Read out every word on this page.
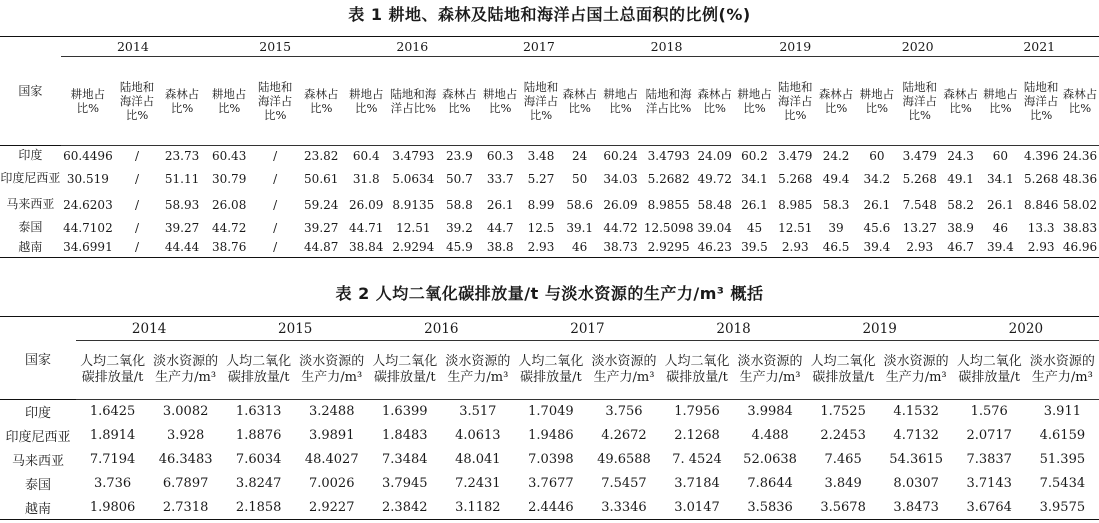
表 1 耕地、森林及陆地和海洋占国土总面积的比例(%)
国家	2014			2015			2016			2017			2018			2019			2020			2021		
	耕地占比%	陆地和海洋占比%	森林占比%	耕地占比%	陆地和海洋占比%	森林占比%	耕地占比%	陆地和海洋占比%	森林占比%	耕地占比%	陆地和海洋占比%	森林占比%	耕地占比%	陆地和海洋占比%	森林占比%	耕地占比%	陆地和海洋占比%	森林占比%	耕地占比%	陆地和海洋占比%	森林占比%	耕地占比%	陆地和海洋占比%	森林占比%
印度	60.4496	/	23.73	60.43	/	23.82	60.4	3.4793	23.9	60.3	3.48	24	60.24	3.4793	24.09	60.2	3.479	24.2	60	3.479	24.3	60	4.396	24.36
印度尼西亚	30.519	/	51.11	30.79	/	50.61	31.8	5.0634	50.7	33.7	5.27	50	34.03	5.2682	49.72	34.1	5.268	49.4	34.2	5.268	49.1	34.1	5.268	48.36
马来西亚	24.6203	/	58.93	26.08	/	59.24	26.09	8.9135	58.8	26.1	8.99	58.6	26.09	8.9855	58.48	26.1	8.985	58.3	26.1	7.548	58.2	26.1	8.846	58.02
泰国	44.7102	/	39.27	44.72	/	39.27	44.71	12.51	39.2	44.7	12.5	39.1	44.72	12.5098	39.04	45	12.51	39	45.6	13.27	38.9	46	13.3	38.83
越南	34.6991	/	44.44	38.76	/	44.87	38.84	2.9294	45.9	38.8	2.93	46	38.73	2.9295	46.23	39.5	2.93	46.5	39.4	2.93	46.7	39.4	2.93	46.96
表 2 人均二氧化碳排放量/t 与淡水资源的生产力/m³ 概括
国家	2014		2015		2016		2017		2018		2019		2020	
	人均二氧化碳排放量/t	淡水资源的生产力/m³	人均二氧化碳排放量/t	淡水资源的生产力/m³	人均二氧化碳排放量/t	淡水资源的生产力/m³	人均二氧化碳排放量/t	淡水资源的生产力/m³	人均二氧化碳排放量/t	淡水资源的生产力/m³	人均二氧化碳排放量/t	淡水资源的生产力/m³	人均二氧化碳排放量/t	淡水资源的生产力/m³
印度	1.6425	3.0082	1.6313	3.2488	1.6399	3.517	1.7049	3.756	1.7956	3.9984	1.7525	4.1532	1.576	3.911
印度尼西亚	1.8914	3.928	1.8876	3.9891	1.8483	4.0613	1.9486	4.2672	2.1268	4.488	2.2453	4.7132	2.0717	4.6159
马来西亚	7.7194	46.3483	7.6034	48.4027	7.3484	48.041	7.0398	49.6588	7. 4524	52.0638	7.465	54.3615	7.3837	51.395
泰国	3.736	6.7897	3.8247	7.0026	3.7945	7.2431	3.7677	7.5457	3.7184	7.8644	3.849	8.0307	3.7143	7.5434
越南	1.9806	2.7318	2.1858	2.9227	2.3842	3.1182	2.4446	3.3346	3.0147	3.5836	3.5678	3.8473	3.6764	3.9575
